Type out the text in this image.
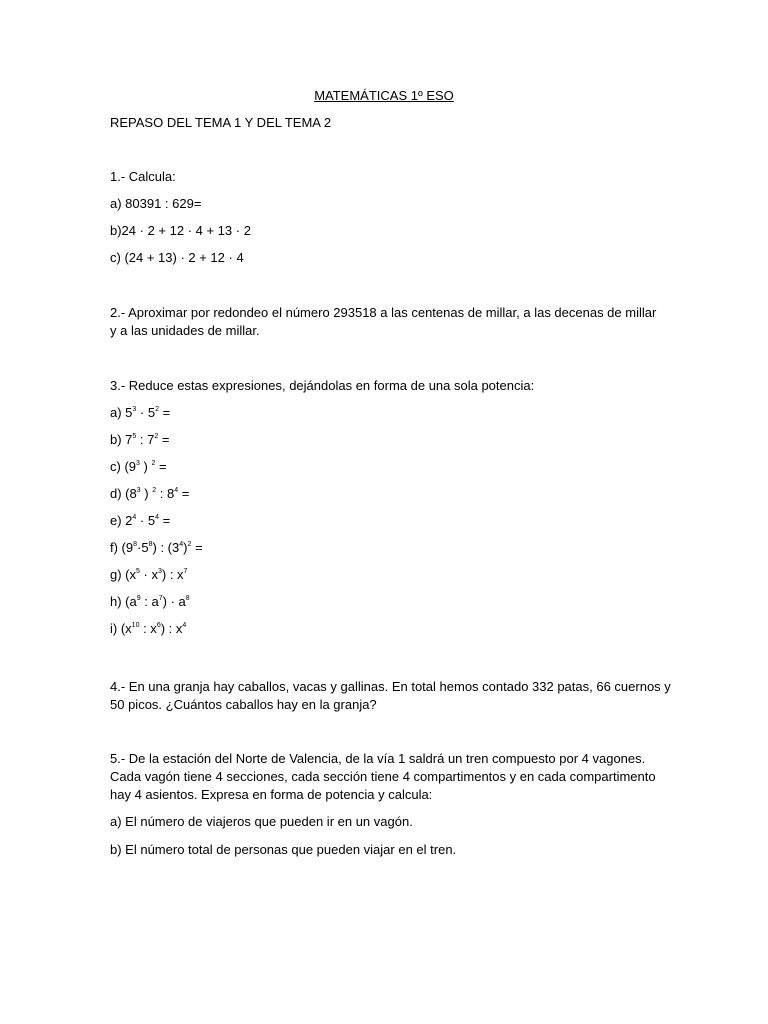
MATEMÁTICAS 1º ESO
REPASO DEL TEMA 1 Y DEL TEMA 2
1.- Calcula:
a) 80391 : 629=
b)24 · 2 + 12 · 4 + 13 · 2
c) (24 + 13) · 2 + 12 · 4
2.- Aproximar por redondeo el número 293518 a las centenas de millar, a las decenas de millar
y a las unidades de millar.
3.- Reduce estas expresiones, dejándolas en forma de una sola potencia:
a) $5^3 \cdot 5^2$ =
b) $7^5$ : $7^2$ =
c) ($9^3$ ) $^2$ =
d) ($8^3$ ) $^2$ : $8^4$ =
e) $2^4 \cdot 5^4$ =
f) $(9^8\cdot 5^8)$ : $(3^4)^2$ =
g) $(x^5 \cdot x^3)$ : $x^7$
h) ($a^9$ : $a^7) \cdot a^8$
i) ($x^{10}$ : $x^6$) : $x^4$
4.- En una granja hay caballos, vacas y gallinas. En total hemos contado 332 patas, 66 cuernos y
50 picos. ¿Cuántos caballos hay en la granja?
5.- De la estación del Norte de Valencia, de la vía 1 saldrá un tren compuesto por 4 vagones.
Cada vagón tiene 4 secciones, cada sección tiene 4 compartimentos y en cada compartimento
hay 4 asientos. Expresa en forma de potencia y calcula:
a) El número de viajeros que pueden ir en un vagón.
b) El número total de personas que pueden viajar en el tren.
